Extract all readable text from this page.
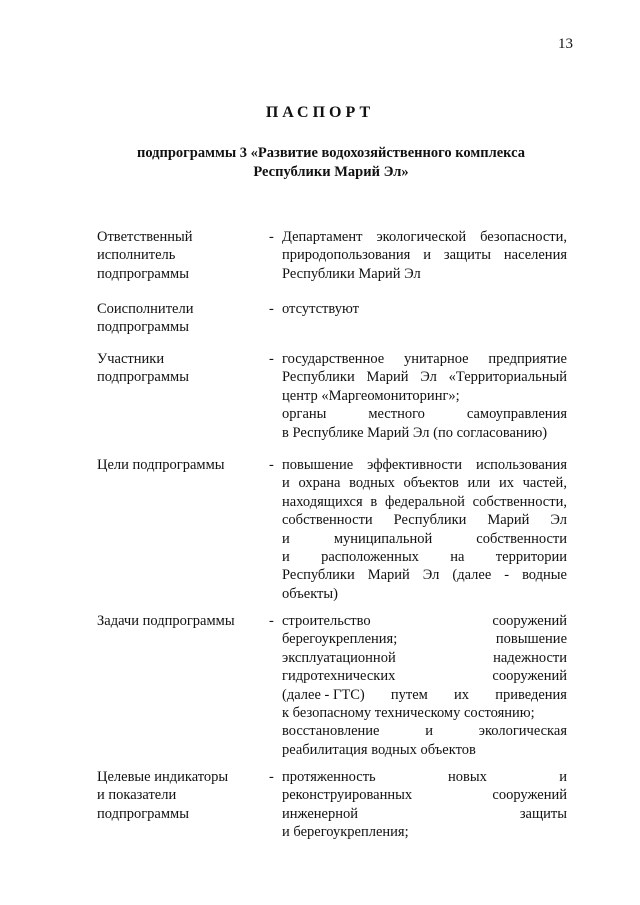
13
ПАСПОРТ
подпрограммы 3 «Развитие водохозяйственного комплекса
Республики Марий Эл»
Ответственный
исполнитель
подпрограммы
- Департамент экологической безопасности,
природопользования и защиты населения
Республики Марий Эл
Соисполнители
подпрограммы
- отсутствуют
Участники
подпрограммы
- государственное унитарное предприятие
Республики Марий Эл «Территориальный
центр «Маргеомониторинг»;
органы	местного	самоуправления
в Республике Марий Эл (по согласованию)
Цели подпрограммы	- повышение эффективности использования
и охрана водных объектов или их частей,
находящихся в федеральной собственности,
собственности Республики Марий Эл
и	муниципальной	собственности
и расположенных на территории
Республики Марий Эл (далее - водные
объекты)
Задачи подпрограммы	- строительство	сооружений
берегоукрепления;	повышение
эксплуатационной	надежности
гидротехнических	сооружений
(далее - ГТС) путем их приведения
к безопасному техническому состоянию;
восстановление	и	экологическая
реабилитация водных объектов
Целевые индикаторы
и показатели
подпрограммы
- протяженность	новых	и
реконструированных	сооружений
инженерной	защиты
и берегоукрепления;
